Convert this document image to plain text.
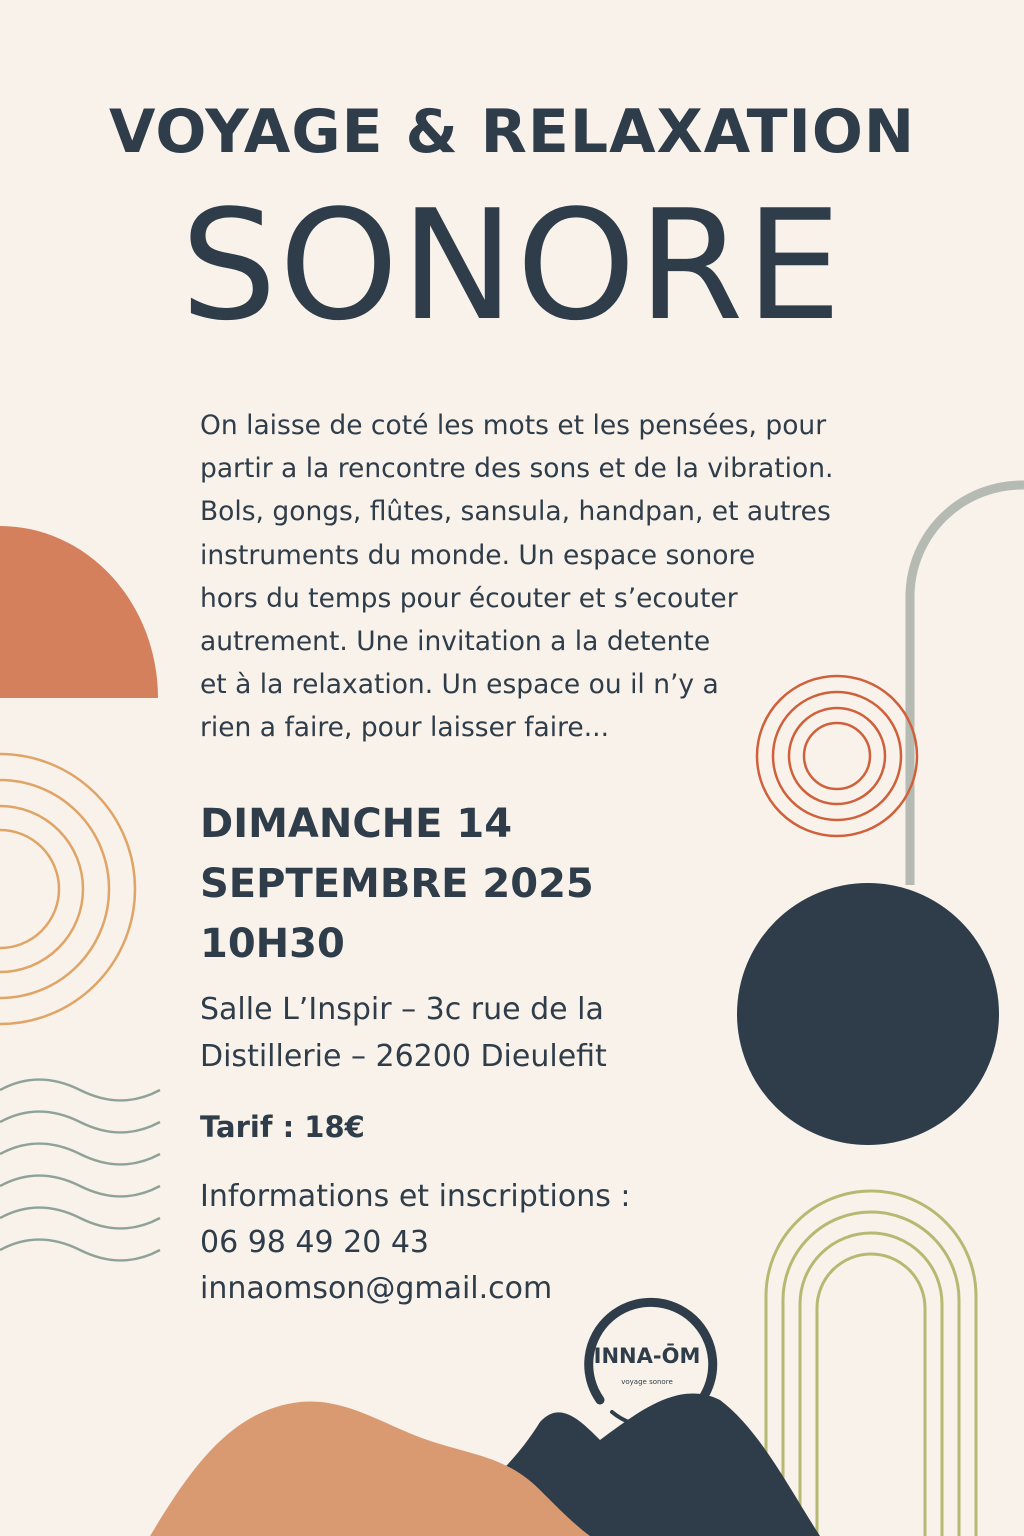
VOYAGE & RELAXATION
SONORE
On laisse de coté les mots et les pensées, pour
partir a la rencontre des sons et de la vibration.
Bols, gongs, flûtes, sansula, handpan, et autres
instruments du monde. Un espace sonore
hors du temps pour écouter et s’ecouter
autrement. Une invitation a la detente
et à la relaxation. Un espace ou il n’y a
rien a faire, pour laisser faire...
DIMANCHE 14
SEPTEMBRE 2025
10H30
Salle L’Inspir – 3c rue de la
Distillerie – 26200 Dieulefit
Tarif : 18€
Informations et inscriptions :
06 98 49 20 43
innaomson@gmail.com
INNA-ŌM
voyage sonore
